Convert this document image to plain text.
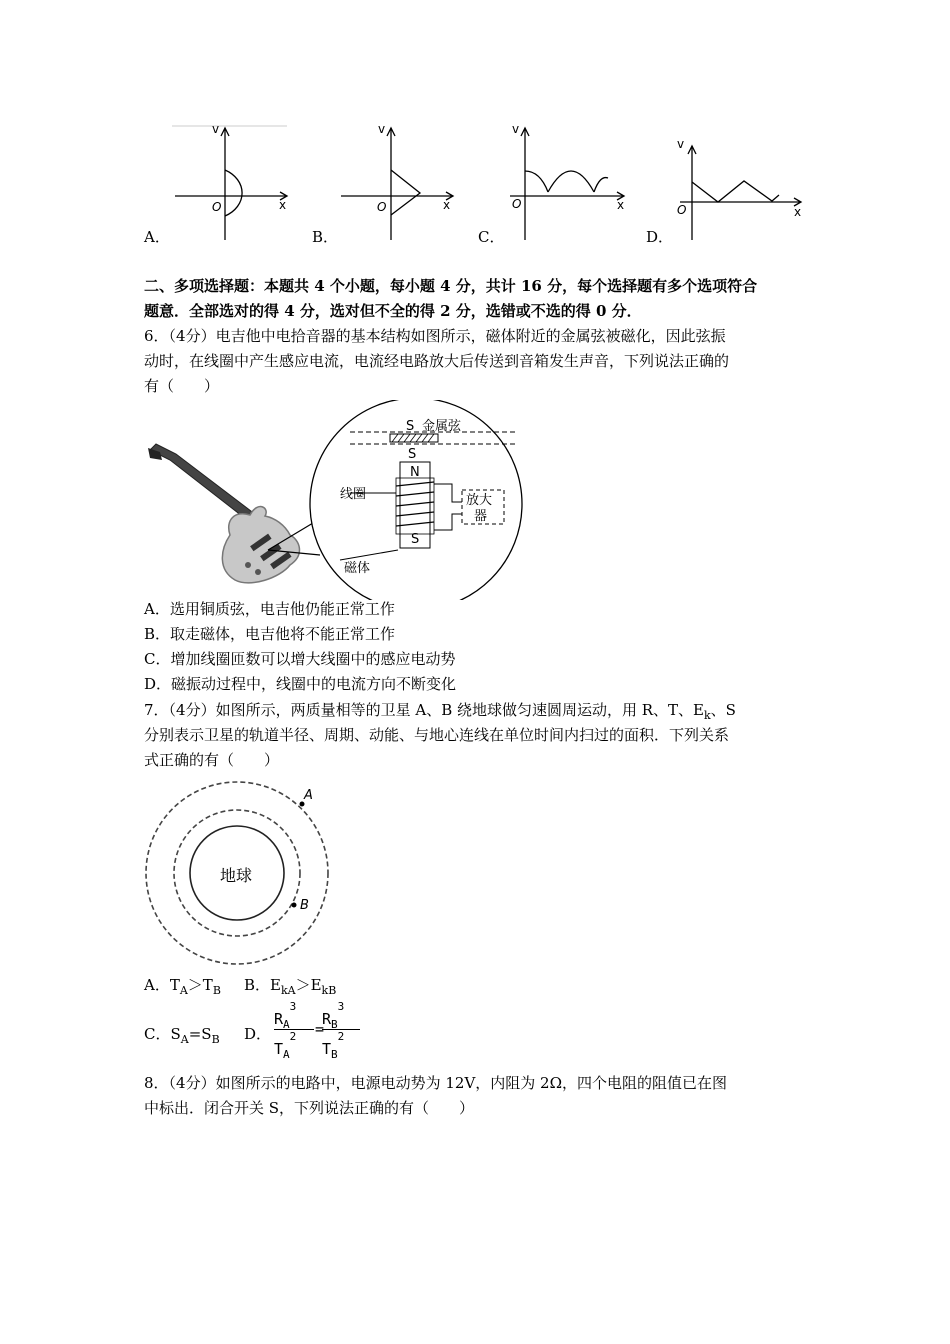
v
x
O
v
x
O
v
x
O
v
x
O
A．	B．	C．	D．
二、多项选择题：本题共 4 个小题，每小题 4 分，共计 16 分，每个选择题有多个选项符合
题意．全部选对的得 4 分，选对但不全的得 2 分，选错或不选的得 0 分．
6．（4分）电吉他中电拾音器的基本结构如图所示，磁体附近的金属弦被磁化，因此弦振
动时，在线圈中产生感应电流，电流经电路放大后传送到音箱发生声音，下列说法正确的
有（　　）
S 金属弦
S
N
线圈	放大
器
S
磁体
A．选用铜质弦，电吉他仍能正常工作
B．取走磁体，电吉他将不能正常工作
C．增加线圈匝数可以增大线圈中的感应电动势
D．磁振动过程中，线圈中的电流方向不断变化
7．（4分）如图所示，两质量相等的卫星 A、B 绕地球做匀速圆周运动，用 R、T、$E_k$、S
分别表示卫星的轨道半径、周期、动能、与地心连线在单位时间内扫过的面积．下列关系
式正确的有（　　）
地球
A
B
A．$T_A>T_B$ B．$E_{kA}>E_{kB}$
C．$S_A=S_B$ D．
$R_A^3$
$T_A^2$ =
$R_B^3$
$T_B^2$
8．（4分）如图所示的电路中，电源电动势为 12V，内阻为 2Ω，四个电阻的阻值已在图
中标出．闭合开关 S，下列说法正确的有（　　）
